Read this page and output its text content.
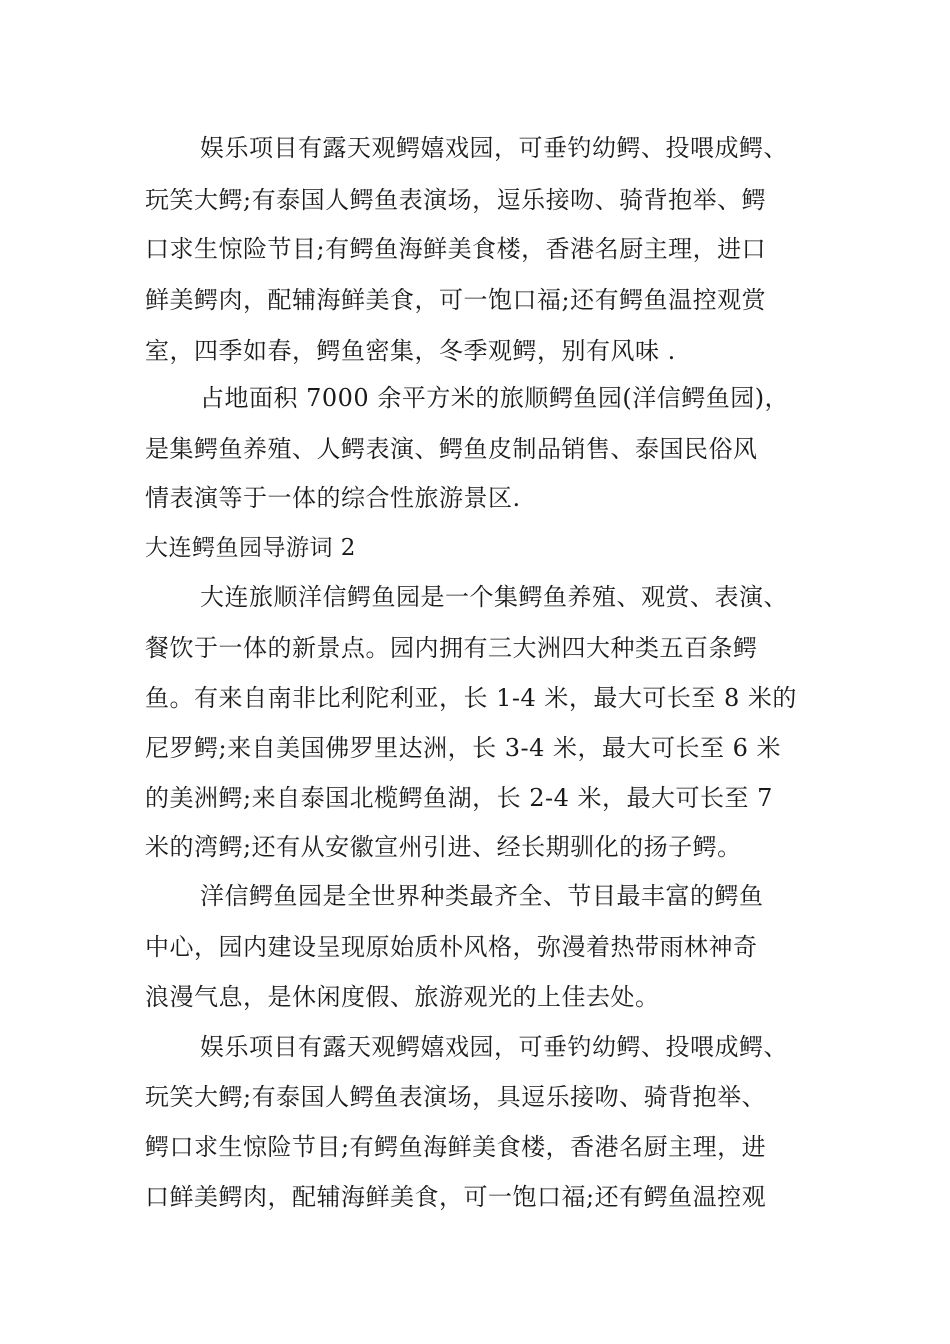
娱乐项目有露天观鳄嬉戏园，可垂钓幼鳄、投喂成鳄、
玩笑大鳄;有泰国人鳄鱼表演场，逗乐接吻、骑背抱举、鳄
口求生惊险节目;有鳄鱼海鲜美食楼，香港名厨主理，进口
鲜美鳄肉，配辅海鲜美食，可一饱口福;还有鳄鱼温控观赏
室，四季如春，鳄鱼密集，冬季观鳄，别有风味 .
占地面积 7000 余平方米的旅顺鳄鱼园(洋信鳄鱼园)，
是集鳄鱼养殖、人鳄表演、鳄鱼皮制品销售、泰国民俗风
情表演等于一体的综合性旅游景区.
大连鳄鱼园导游词 2
大连旅顺洋信鳄鱼园是一个集鳄鱼养殖、观赏、表演、
餐饮于一体的新景点。园内拥有三大洲四大种类五百条鳄
鱼。有来自南非比利陀利亚，长 1-4 米，最大可长至 8 米的
尼罗鳄;来自美国佛罗里达洲，长 3-4 米，最大可长至 6 米
的美洲鳄;来自泰国北榄鳄鱼湖，长 2-4 米，最大可长至 7
米的湾鳄;还有从安徽宣州引进、经长期驯化的扬子鳄。
洋信鳄鱼园是全世界种类最齐全、节目最丰富的鳄鱼
中心，园内建设呈现原始质朴风格，弥漫着热带雨林神奇
浪漫气息，是休闲度假、旅游观光的上佳去处。
娱乐项目有露天观鳄嬉戏园，可垂钓幼鳄、投喂成鳄、
玩笑大鳄;有泰国人鳄鱼表演场，具逗乐接吻、骑背抱举、
鳄口求生惊险节目;有鳄鱼海鲜美食楼，香港名厨主理，进
口鲜美鳄肉，配辅海鲜美食，可一饱口福;还有鳄鱼温控观
